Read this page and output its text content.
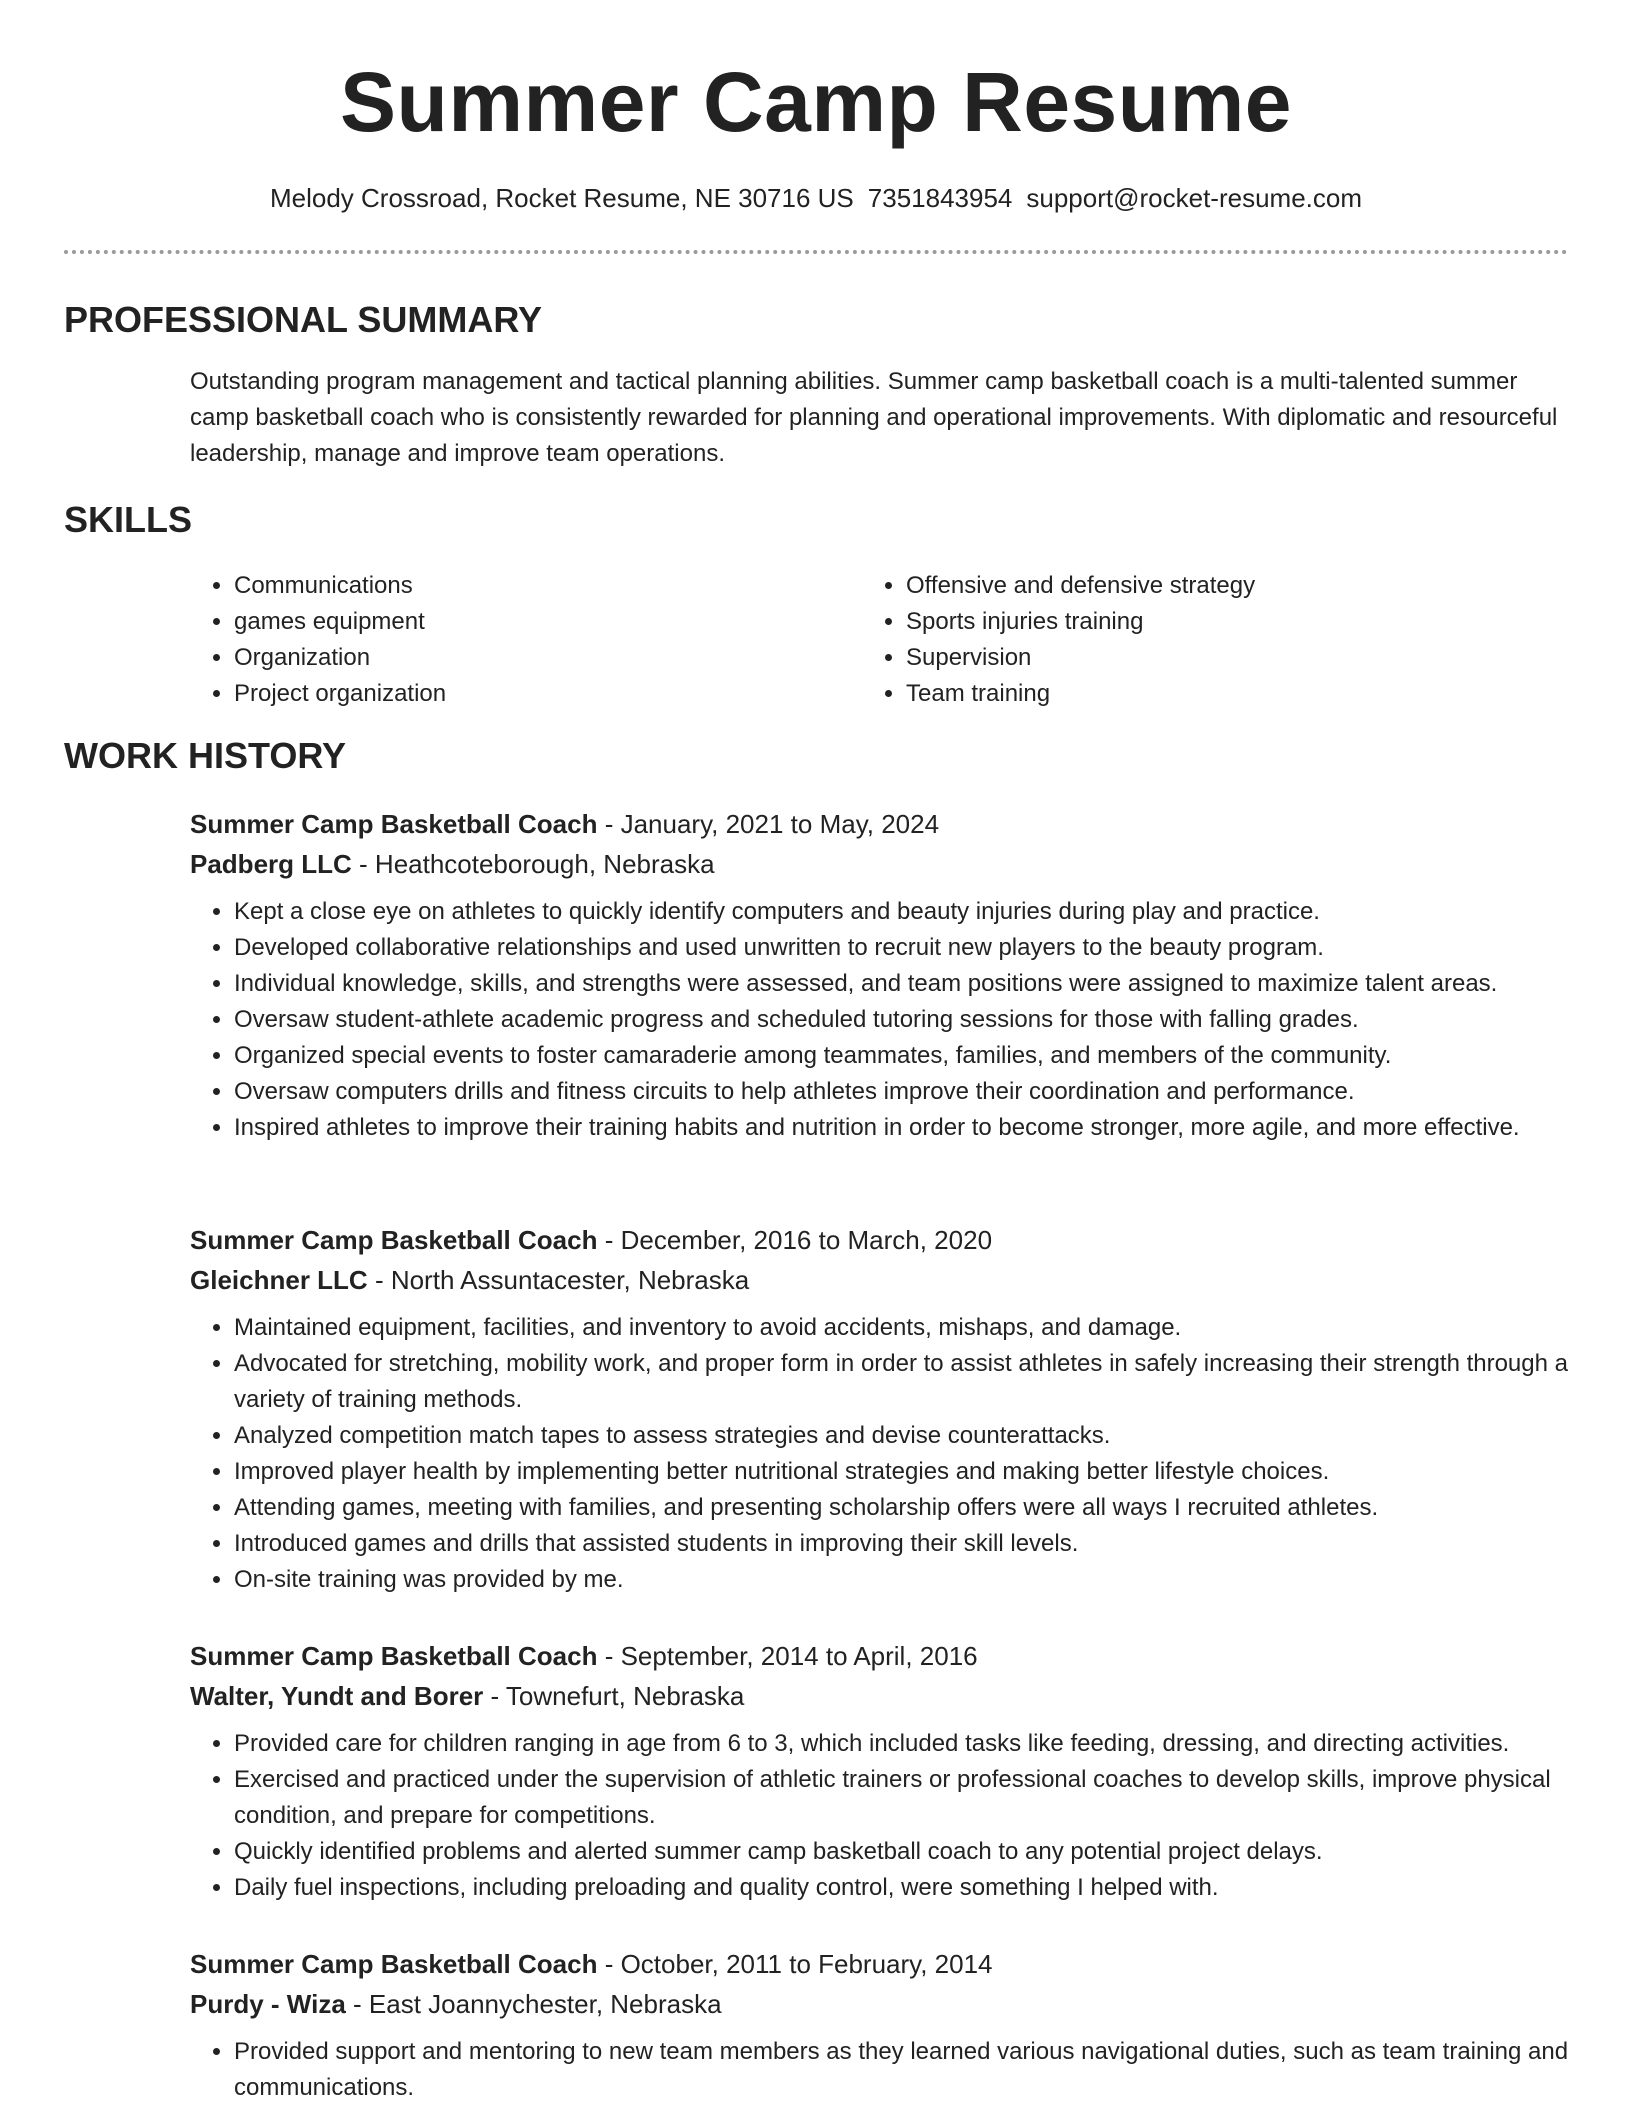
Summer Camp Resume
Melody Crossroad, Rocket Resume, NE 30716 US 7351843954 support@rocket-resume.com
PROFESSIONAL SUMMARY

Outstanding program management and tactical planning abilities. Summer camp basketball coach is a multi-talented summer camp basketball coach who is consistently rewarded for planning and operational improvements. With diplomatic and resourceful leadership, manage and improve team operations.

SKILLS
• Communications
• games equipment
• Organization
• Project organization
• Offensive and defensive strategy
• Sports injuries training
• Supervision
• Team training
WORK HISTORY

Summer Camp Basketball Coach - January, 2021 to May, 2024

Padberg LLC - Heathcoteborough, Nebraska

• Kept a close eye on athletes to quickly identify computers and beauty injuries during play and practice.
• Developed collaborative relationships and used unwritten to recruit new players to the beauty program.
• Individual knowledge, skills, and strengths were assessed, and team positions were assigned to maximize talent areas.
• Oversaw student-athlete academic progress and scheduled tutoring sessions for those with falling grades.
• Organized special events to foster camaraderie among teammates, families, and members of the community.
• Oversaw computers drills and fitness circuits to help athletes improve their coordination and performance.
• Inspired athletes to improve their training habits and nutrition in order to become stronger, more agile, and more effective.

Summer Camp Basketball Coach - December, 2016 to March, 2020

Gleichner LLC - North Assuntacester, Nebraska

• Maintained equipment, facilities, and inventory to avoid accidents, mishaps, and damage.
• Advocated for stretching, mobility work, and proper form in order to assist athletes in safely increasing their strength through a variety of training methods.
• Analyzed competition match tapes to assess strategies and devise counterattacks.
• Improved player health by implementing better nutritional strategies and making better lifestyle choices.
• Attending games, meeting with families, and presenting scholarship offers were all ways I recruited athletes.
• Introduced games and drills that assisted students in improving their skill levels.
• On-site training was provided by me.

Summer Camp Basketball Coach - September, 2014 to April, 2016

Walter, Yundt and Borer - Townefurt, Nebraska

• Provided care for children ranging in age from 6 to 3, which included tasks like feeding, dressing, and directing activities.
• Exercised and practiced under the supervision of athletic trainers or professional coaches to develop skills, improve physical condition, and prepare for competitions.
• Quickly identified problems and alerted summer camp basketball coach to any potential project delays.
• Daily fuel inspections, including preloading and quality control, were something I helped with.

Summer Camp Basketball Coach - October, 2011 to February, 2014

Purdy - Wiza - East Joannychester, Nebraska

• Provided support and mentoring to new team members as they learned various navigational duties, such as team training and communications.
